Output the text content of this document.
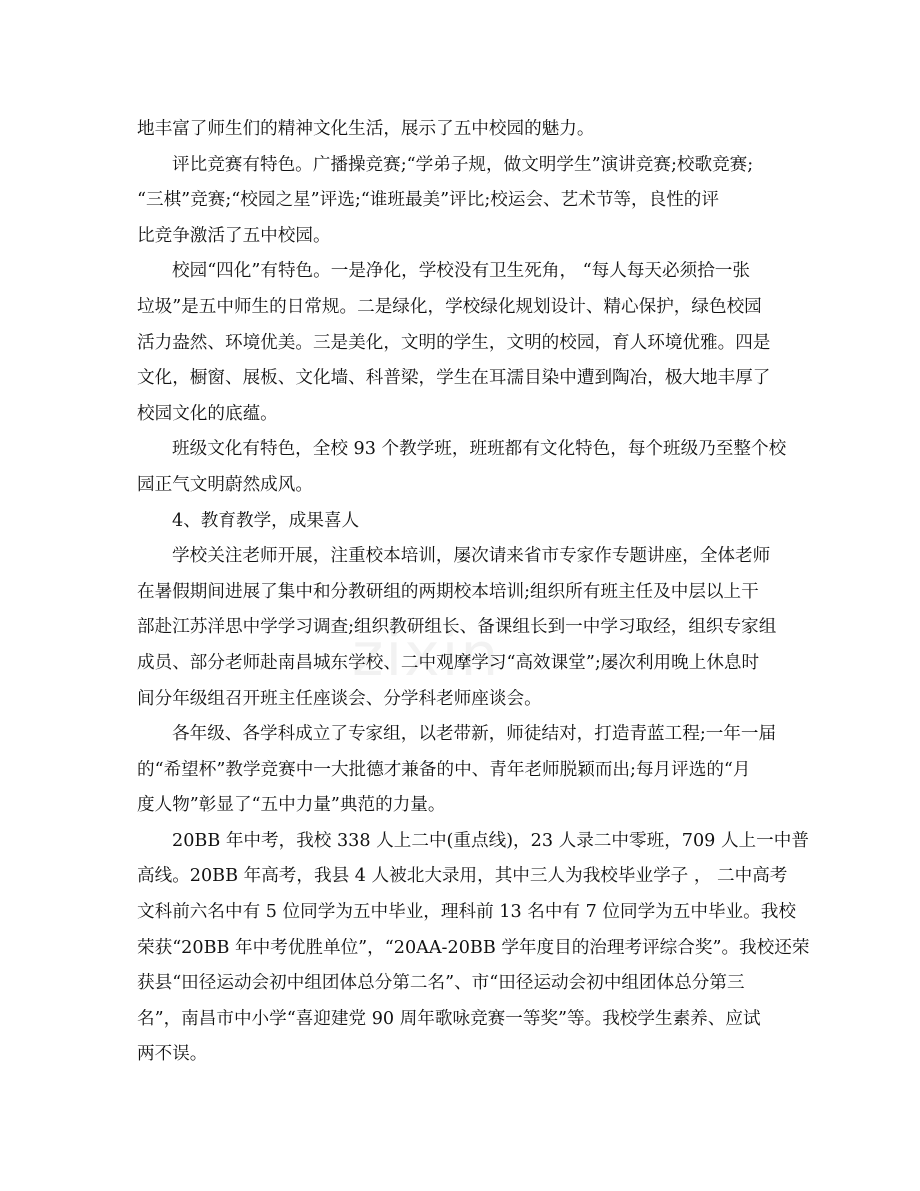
zixin
地丰富了师生们的精神文化生活，展示了五中校园的魅力。
评比竞赛有特色。广播操竞赛;“学弟子规，做文明学生”演讲竞赛;校歌竞赛;
“三棋”竞赛;“校园之星”评选;“谁班最美”评比;校运会、艺术节等，良性的评
比竞争激活了五中校园。
校园“四化”有特色。一是净化，学校没有卫生死角， “每人每天必须拾一张
垃圾”是五中师生的日常规。二是绿化，学校绿化规划设计、精心保护，绿色校园
活力盎然、环境优美。三是美化，文明的学生，文明的校园，育人环境优雅。四是
文化，橱窗、展板、文化墙、科普梁，学生在耳濡目染中遭到陶冶，极大地丰厚了
校园文化的底蕴。
班级文化有特色，全校 93 个教学班，班班都有文化特色，每个班级乃至整个校
园正气文明蔚然成风。
4、教育教学，成果喜人
学校关注老师开展，注重校本培训，屡次请来省市专家作专题讲座，全体老师
在暑假期间进展了集中和分教研组的两期校本培训;组织所有班主任及中层以上干
部赴江苏洋思中学学习调查;组织教研组长、备课组长到一中学习取经，组织专家组
成员、部分老师赴南昌城东学校、二中观摩学习“高效课堂”;屡次利用晚上休息时
间分年级组召开班主任座谈会、分学科老师座谈会。
各年级、各学科成立了专家组，以老带新，师徒结对，打造青蓝工程;一年一届
的“希望杯”教学竞赛中一大批德才兼备的中、青年老师脱颖而出;每月评选的“月
度人物”彰显了“五中力量”典范的力量。
20BB 年中考，我校 338 人上二中(重点线)，23 人录二中零班，709 人上一中普
高线。20BB 年高考，我县 4 人被北大录用，其中三人为我校毕业学子 ， 二中高考
文科前六名中有 5 位同学为五中毕业，理科前 13 名中有 7 位同学为五中毕业。我校
荣获“20BB 年中考优胜单位”，“20AA-20BB 学年度目的治理考评综合奖”。我校还荣
获县“田径运动会初中组团体总分第二名”、市“田径运动会初中组团体总分第三
名”，南昌市中小学“喜迎建党 90 周年歌咏竞赛一等奖”等。我校学生素养、应试
两不误。
